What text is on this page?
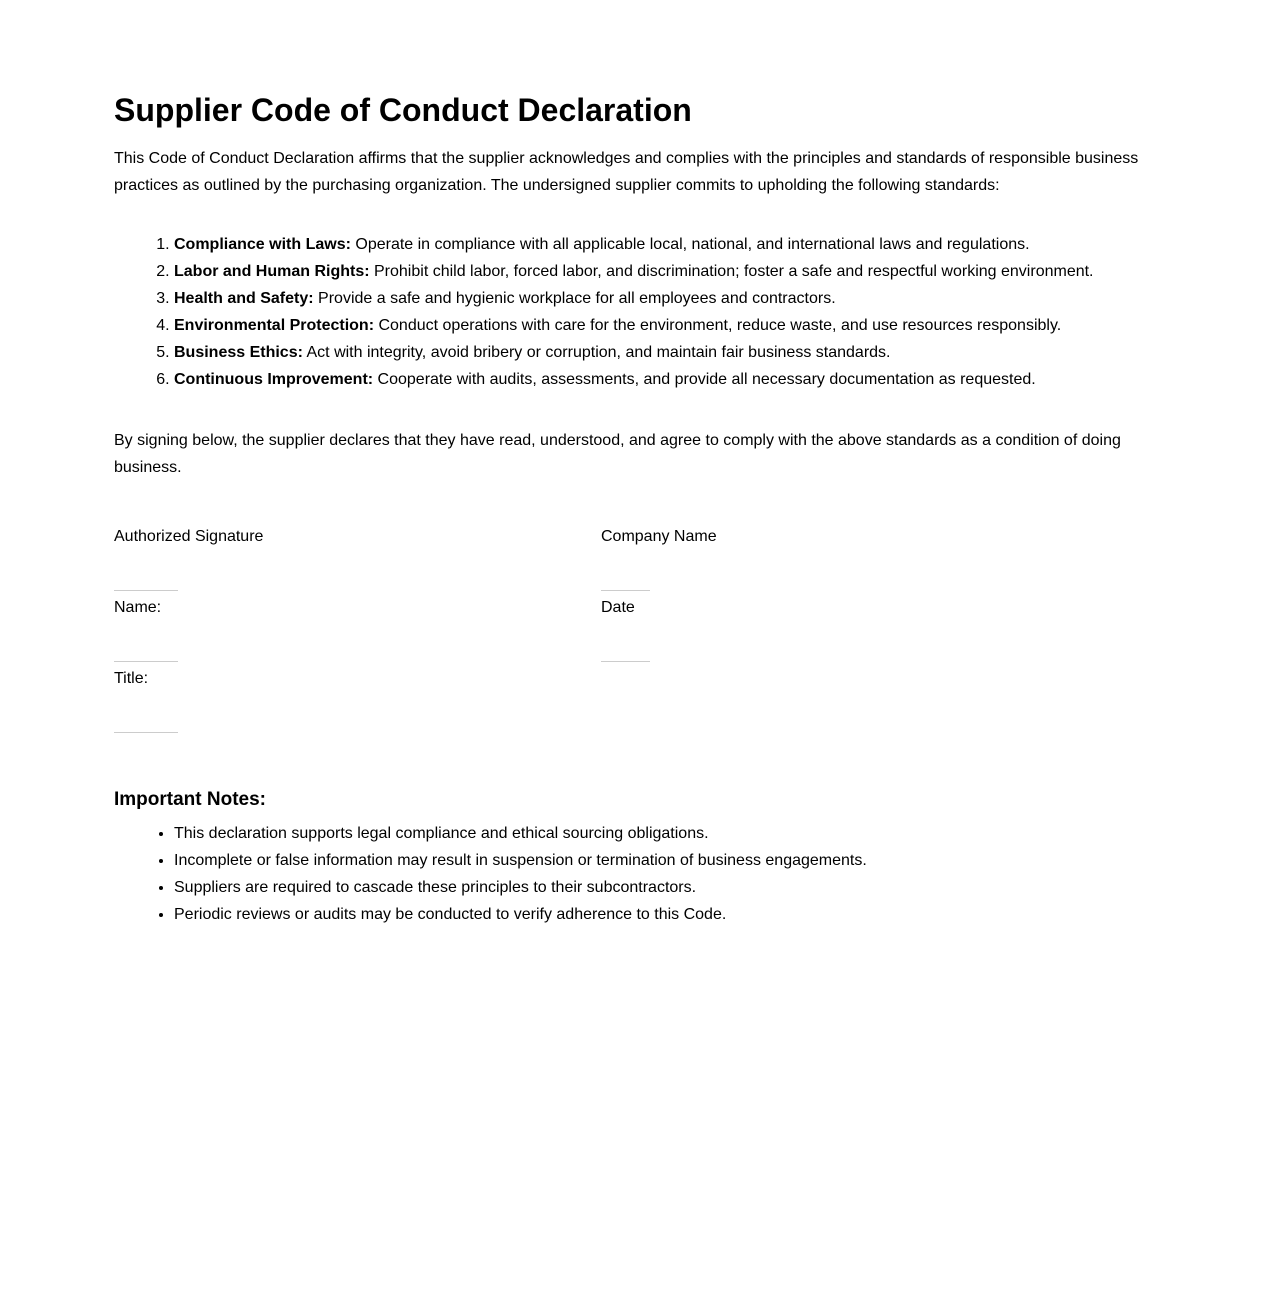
Supplier Code of Conduct Declaration

This Code of Conduct Declaration affirms that the supplier acknowledges and complies with the principles and standards of responsible business practices as outlined by the purchasing organization. The undersigned supplier commits to upholding the following standards:

1. Compliance with Laws: Operate in compliance with all applicable local, national, and international laws and regulations.
2. Labor and Human Rights: Prohibit child labor, forced labor, and discrimination; foster a safe and respectful working environment.
3. Health and Safety: Provide a safe and hygienic workplace for all employees and contractors.
4. Environmental Protection: Conduct operations with care for the environment, reduce waste, and use resources responsibly.
5. Business Ethics: Act with integrity, avoid bribery or corruption, and maintain fair business standards.
6. Continuous Improvement: Cooperate with audits, assessments, and provide all necessary documentation as requested.

By signing below, the supplier declares that they have read, understood, and agree to comply with the above standards as a condition of doing business.

Authorized Signature
Name:
Title:
Company Name
Date
Important Notes:
• This declaration supports legal compliance and ethical sourcing obligations.
• Incomplete or false information may result in suspension or termination of business engagements.
• Suppliers are required to cascade these principles to their subcontractors.
• Periodic reviews or audits may be conducted to verify adherence to this Code.
